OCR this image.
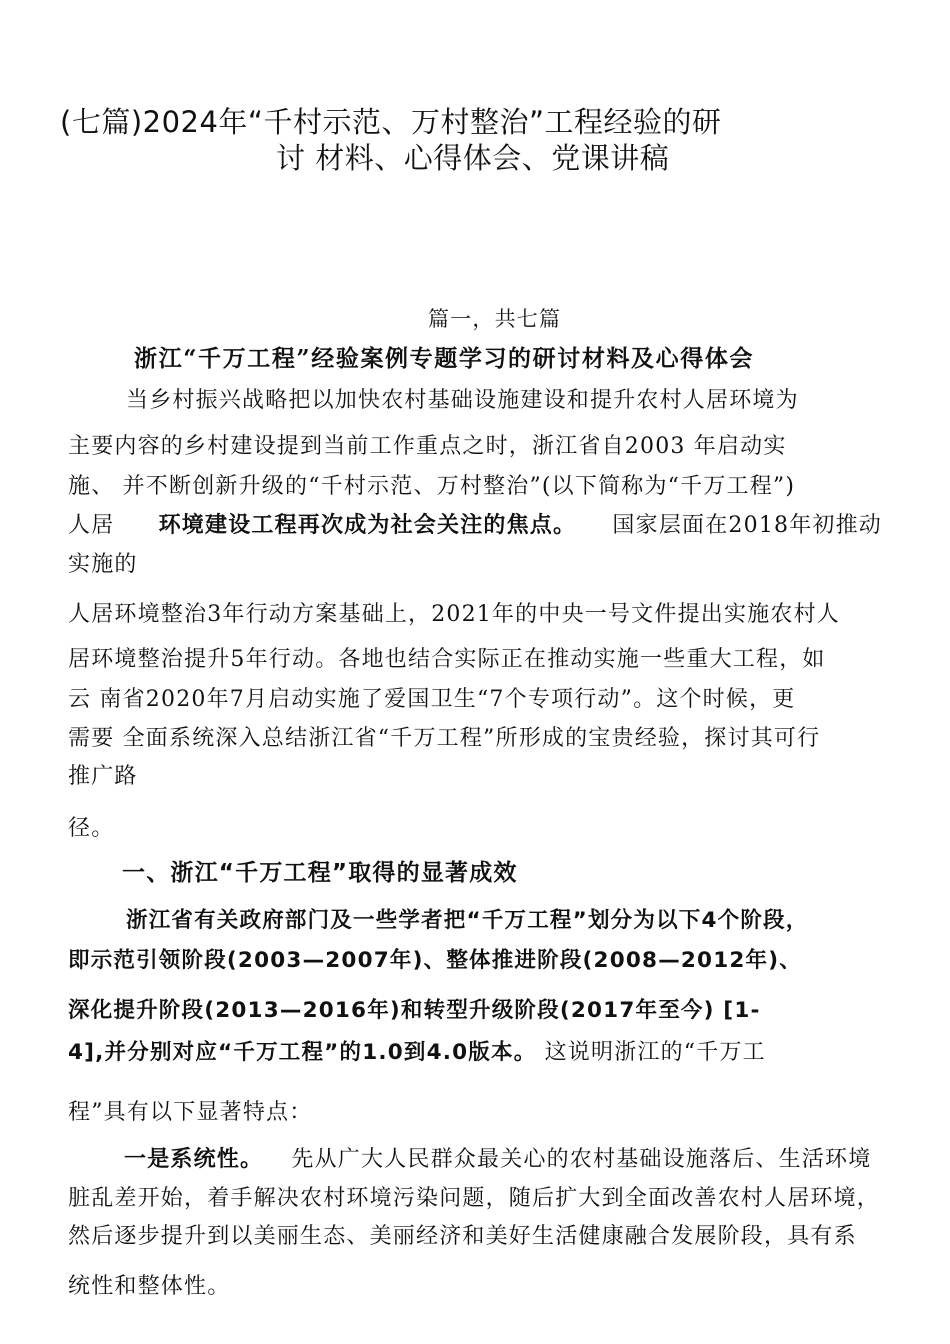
(七篇)2024年“千村示范、万村整治”工程经验的研
讨 材料、心得体会、党课讲稿
篇一，共七篇
浙江“千万工程”经验案例专题学习的研讨材料及心得体会
当乡村振兴战略把以加快农村基础设施建设和提升农村人居环境为
主要内容的乡村建设提到当前工作重点之时，浙江省自2003 年启动实
施、 并不断创新升级的“千村示范、万村整治”(以下简称为“千万工程”)
人居 环境建设工程再次成为社会关注的焦点。 国家层面在2018年初推动
实施的
人居环境整治3年行动方案基础上，2021年的中央一号文件提出实施农村人
居环境整治提升5年行动。各地也结合实际正在推动实施一些重大工程，如
云 南省2020年7月启动实施了爱国卫生“7个专项行动”。这个时候，更
需要 全面系统深入总结浙江省“千万工程”所形成的宝贵经验，探讨其可行
推广路
径。
一、浙江“千万工程”取得的显著成效
浙江省有关政府部门及一些学者把“千万工程”划分为以下4个阶段，
即示范引领阶段(2003—2007年)、整体推进阶段(2008—2012年)、
深化提升阶段(2013—2016年)和转型升级阶段(2017年至今) [1-
4],并分别对应“千万工程”的1.0到4.0版本。 这说明浙江的“千万工
程”具有以下显著特点：
一是系统性。 先从广大人民群众最关心的农村基础设施落后、生活环境
脏乱差开始，着手解决农村环境污染问题，随后扩大到全面改善农村人居环境，
然后逐步提升到以美丽生态、美丽经济和美好生活健康融合发展阶段，具有系
统性和整体性。
